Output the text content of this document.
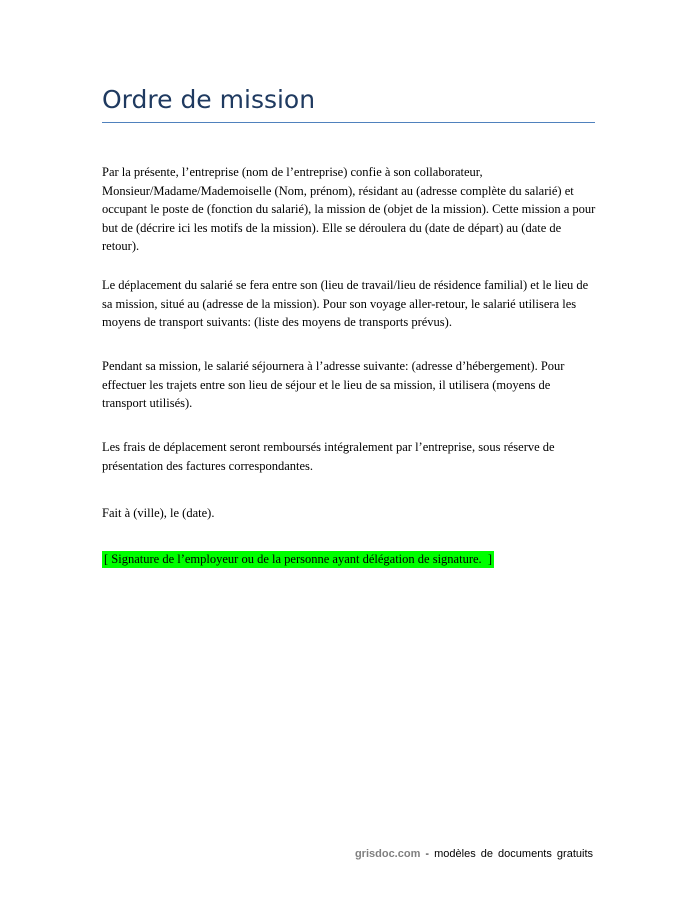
Ordre de mission

Par la présente, l’entreprise (nom de l’entreprise) confie à son collaborateur, Monsieur/Madame/Mademoiselle (Nom, prénom), résidant au (adresse complète du salarié) et occupant le poste de (fonction du salarié), la mission de (objet de la mission). Cette mission a pour but de (décrire ici les motifs de la mission). Elle se déroulera du (date de départ) au (date de retour).

Le déplacement du salarié se fera entre son (lieu de travail/lieu de résidence familial) et le lieu de sa mission, situé au (adresse de la mission). Pour son voyage aller-retour, le salarié utilisera les moyens de transport suivants: (liste des moyens de transports prévus).

Pendant sa mission, le salarié séjournera à l’adresse suivante: (adresse d’hébergement). Pour effectuer les trajets entre son lieu de séjour et le lieu de sa mission, il utilisera (moyens de transport utilisés).

Les frais de déplacement seront remboursés intégralement par l’entreprise, sous réserve de présentation des factures correspondantes.

Fait à (ville), le (date).

[ Signature de l’employeur ou de la personne ayant délégation de signature.  ]
grisdoc.com - modèles de documents gratuits
